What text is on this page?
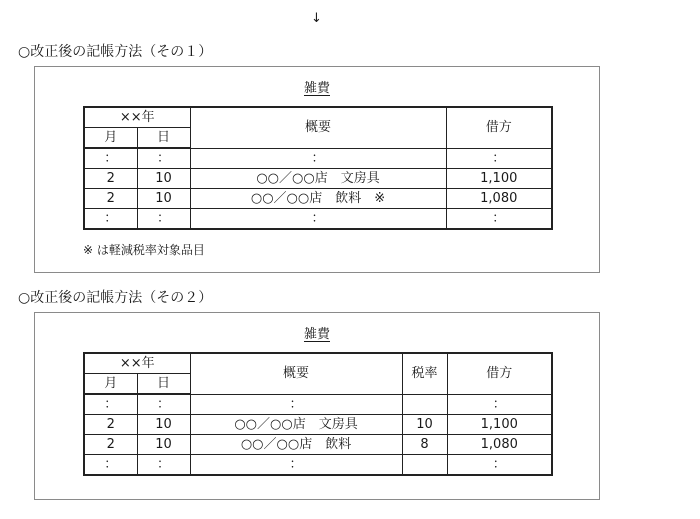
↓
○改正後の記帳方法（その１）
雑費
××年		概要	借方
月	日		
：	：	：	：
2	10	○○／○○店　文房具	1,100
2	10	○○／○○店　飲料　※	1,080
：	：	：	：
※ は軽減税率対象品目
○改正後の記帳方法（その２）
雑費
××年		概要	税率	借方
月	日			
：	：	：		：
2	10	○○／○○店　文房具	10	1,100
2	10	○○／○○店　飲料	8	1,080
：	：	：		：
